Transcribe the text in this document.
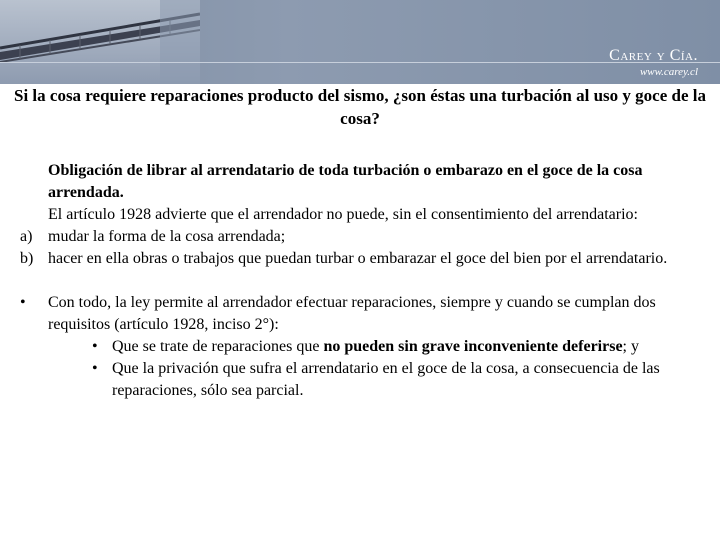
Carey y Cía.
www.carey.cl
Si la cosa requiere reparaciones producto del sismo, ¿son éstas una turbación al uso y goce de la cosa?
Obligación de librar al arrendatario de toda turbación o embarazo en el goce de la cosa arrendada.
El artículo 1928 advierte que el arrendador no puede, sin el consentimiento del arrendatario:
a) mudar la forma de la cosa arrendada;
b) hacer en ella obras o trabajos que puedan turbar o embarazar el goce del bien por el arrendatario.
•	Con todo, la ley permite al arrendador efectuar reparaciones, siempre y cuando se cumplan dos requisitos (artículo 1928, inciso 2°):
• Que se trate de reparaciones que no pueden sin grave inconveniente deferirse; y
• Que la privación que sufra el arrendatario en el goce de la cosa, a consecuencia de las reparaciones, sólo sea parcial.
